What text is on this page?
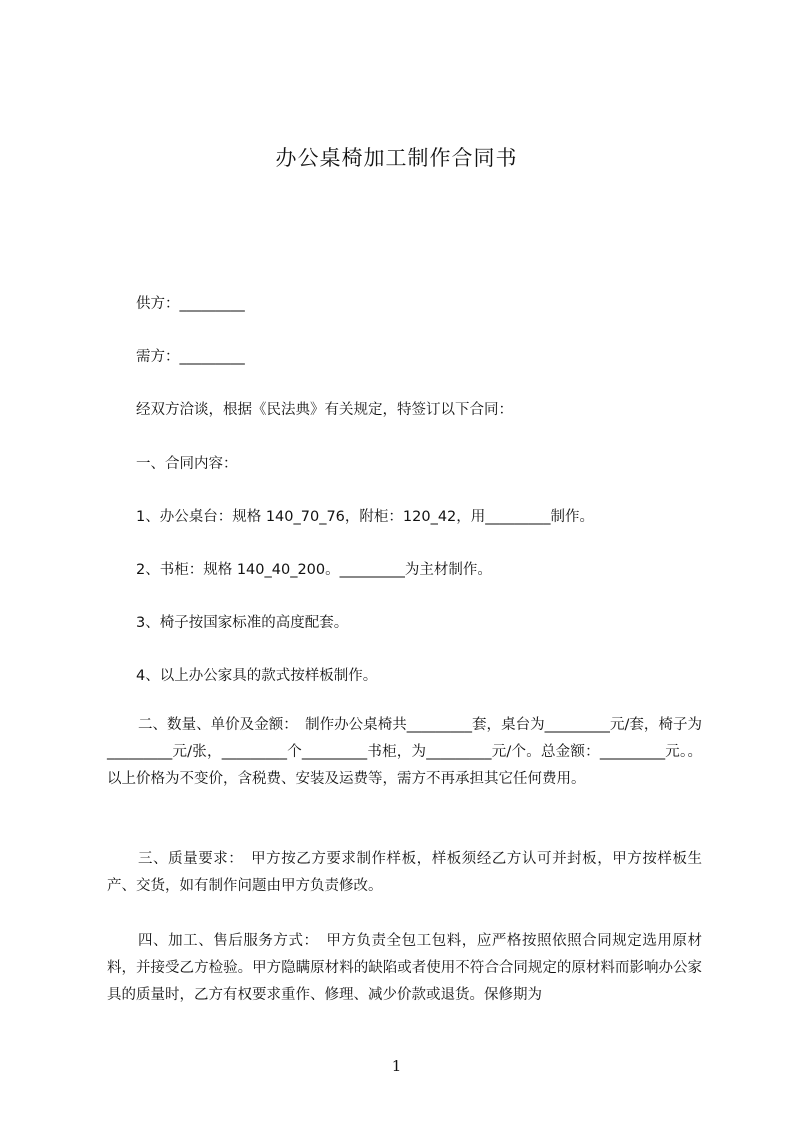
办公桌椅加工制作合同书
供方：_________
需方：_________
经双方洽谈，根据《民法典》有关规定，特签订以下合同：
一、合同内容：
1、办公桌台：规格 140_70_76，附柜：120_42，用_________制作。
2、书柜：规格 140_40_200。_________为主材制作。
3、椅子按国家标准的高度配套。
4、以上办公家具的款式按样板制作。
二、数量、单价及金额：　制作办公桌椅共_________套，桌台为_________元/套，椅子为_________元/张，_________个_________书柜，为_________元/个。总金额：_________元。。以上价格为不变价，含税费、安装及运费等，需方不再承担其它任何费用。
三、质量要求：　甲方按乙方要求制作样板，样板须经乙方认可并封板，甲方按样板生产、交货，如有制作问题由甲方负责修改。
四、加工、售后服务方式：　甲方负责全包工包料，应严格按照依照合同规定选用原材料，并接受乙方检验。甲方隐瞒原材料的缺陷或者使用不符合合同规定的原材料而影响办公家具的质量时，乙方有权要求重作、修理、减少价款或退货。保修期为
1
